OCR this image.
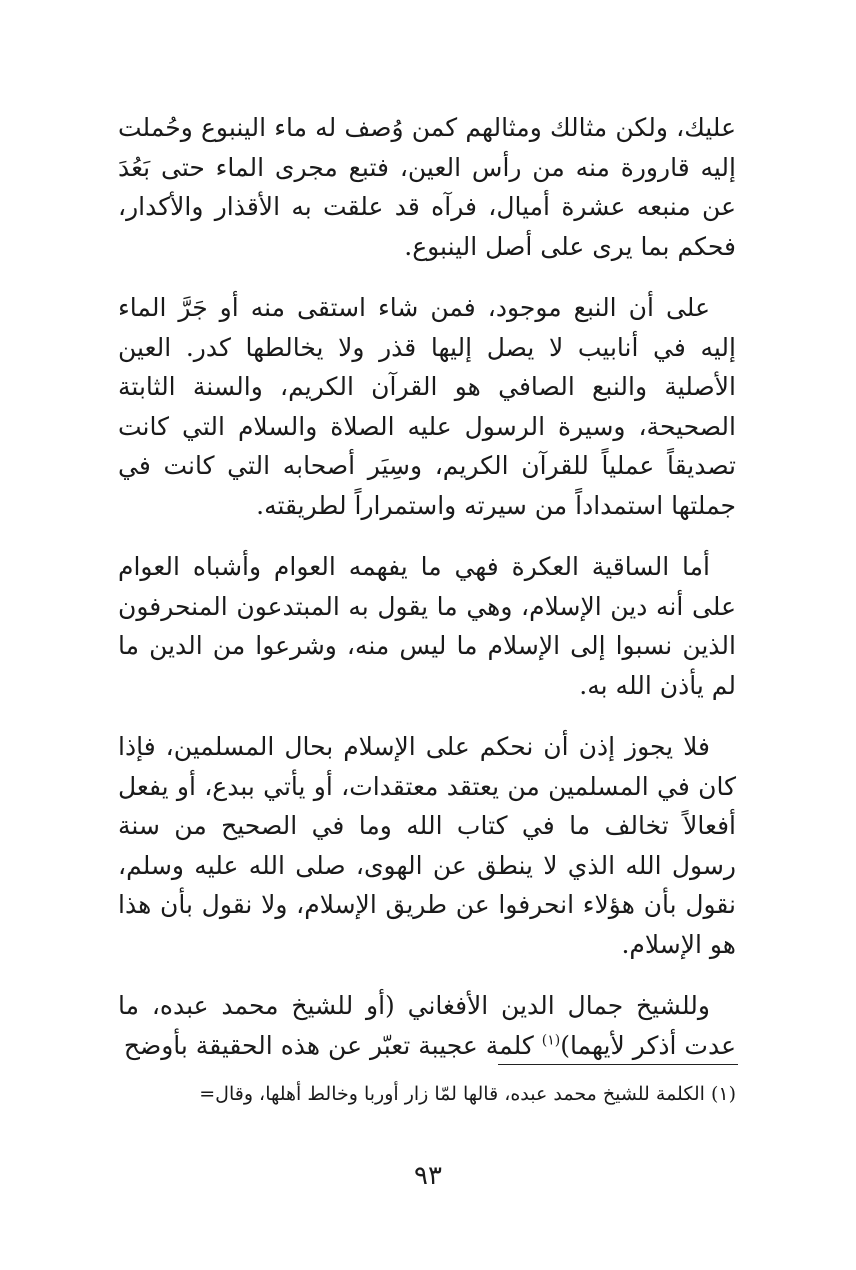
عليك، ولكن مثالك ومثالهم كمن وُصف له ماء الينبوع وحُملت إليه قارورة منه من رأس العين، فتبع مجرى الماء حتى بَعُدَ عن منبعه عشرة أميال، فرآه قد علقت به الأقذار والأكدار، فحكم بما يرى على أصل الينبوع.

على أن النبع موجود، فمن شاء استقى منه أو جَرَّ الماء إليه في أنابيب لا يصل إليها قذر ولا يخالطها كدر. العين الأصلية والنبع الصافي هو القرآن الكريم، والسنة الثابتة الصحيحة، وسيرة الرسول عليه الصلاة والسلام التي كانت تصديقاً عملياً للقرآن الكريم، وسِيَر أصحابه التي كانت في جملتها استمداداً من سيرته واستمراراً لطريقته.

أما الساقية العكرة فهي ما يفهمه العوام وأشباه العوام على أنه دين الإسلام، وهي ما يقول به المبتدعون المنحرفون الذين نسبوا إلى الإسلام ما ليس منه، وشرعوا من الدين ما لم يأذن الله به.

فلا يجوز إذن أن نحكم على الإسلام بحال المسلمين، فإذا كان في المسلمين من يعتقد معتقدات، أو يأتي ببدع، أو يفعل أفعالاً تخالف ما في كتاب الله وما في الصحيح من سنة رسول الله الذي لا ينطق عن الهوى، صلى الله عليه وسلم، نقول بأن هؤلاء انحرفوا عن طريق الإسلام، ولا نقول بأن هذا هو الإسلام.

وللشيخ جمال الدين الأفغاني (أو للشيخ محمد عبده، ما عدت أذكر لأيهما)$^{(١)}$ كلمة عجيبة تعبّر عن هذه الحقيقة بأوضح

(١) الكلمة للشيخ محمد عبده، قالها لمّا زار أوربا وخالط أهلها، وقال=
٩٣
